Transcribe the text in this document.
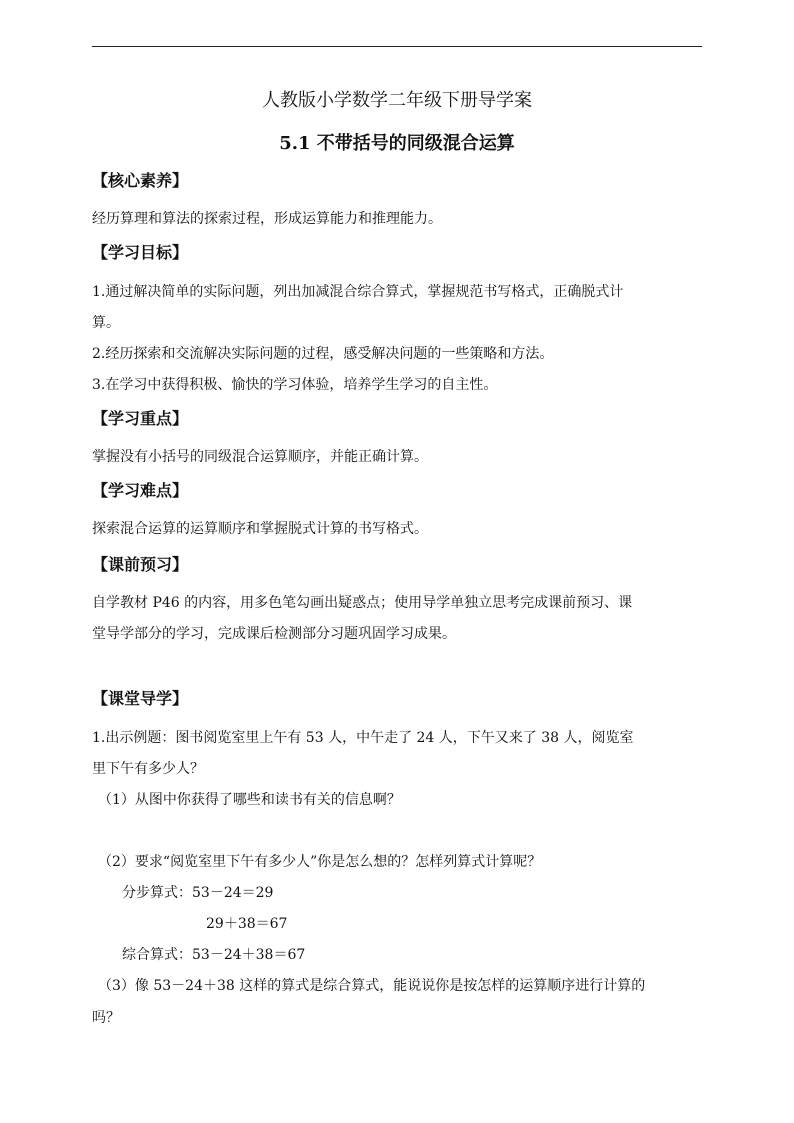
人教版小学数学二年级下册导学案
5.1 不带括号的同级混合运算
【核心素养】
经历算理和算法的探索过程，形成运算能力和推理能力。
【学习目标】
1.通过解决简单的实际问题，列出加减混合综合算式，掌握规范书写格式，正确脱式计
算。
2.经历探索和交流解决实际问题的过程，感受解决问题的一些策略和方法。
3.在学习中获得积极、愉快的学习体验，培养学生学习的自主性。
【学习重点】
掌握没有小括号的同级混合运算顺序，并能正确计算。
【学习难点】
探索混合运算的运算顺序和掌握脱式计算的书写格式。
【课前预习】
自学教材 P46 的内容，用多色笔勾画出疑惑点；使用导学单独立思考完成课前预习、课
堂导学部分的学习，完成课后检测部分习题巩固学习成果。
【课堂导学】
1.出示例题：图书阅览室里上午有 53 人，中午走了 24 人，下午又来了 38 人，阅览室
里下午有多少人？
（1）从图中你获得了哪些和读书有关的信息啊？
（2）要求“阅览室里下午有多少人”你是怎么想的？怎样列算式计算呢？
分步算式：53－24＝29
29＋38＝67
综合算式：53－24＋38＝67
（3）像 53－24＋38 这样的算式是综合算式，能说说你是按怎样的运算顺序进行计算的
吗？
